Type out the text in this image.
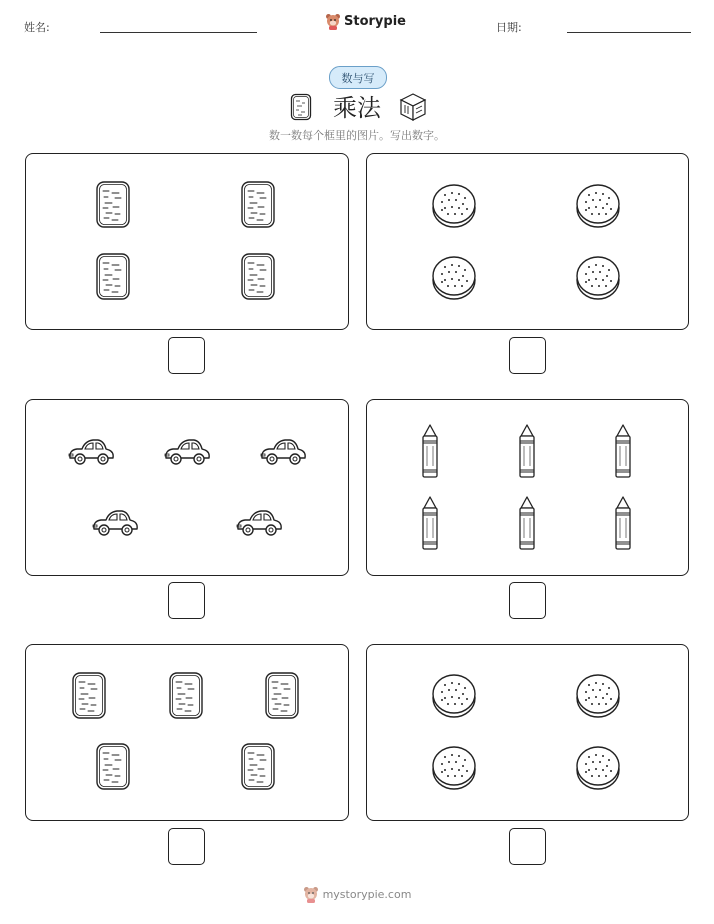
姓名:	Storypie	日期:
数与写
乘法
数一数每个框里的图片。写出数字。
mystorypie.com
